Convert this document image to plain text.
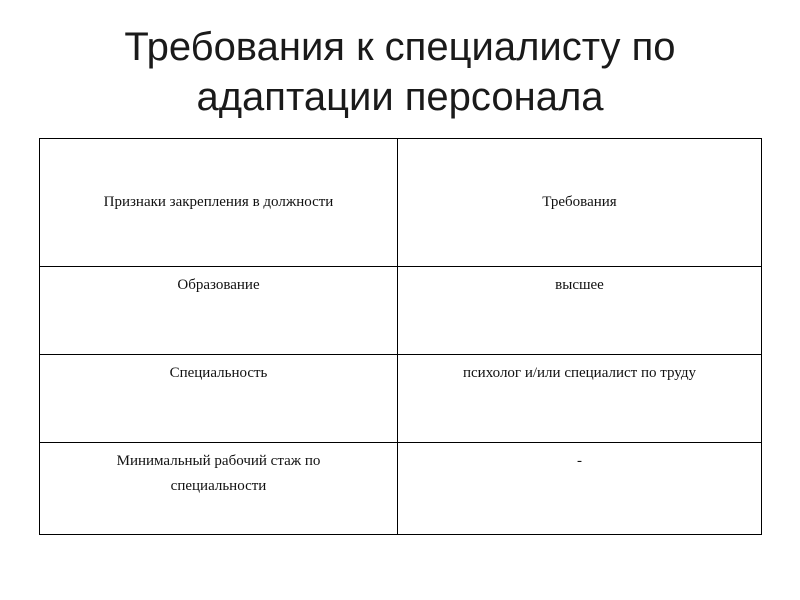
Требования к специалисту по
адаптации персонала
Признаки закрепления в должности	Требования
Образование	высшее
Специальность	психолог и/или специалист по труду
Минимальный рабочий стаж по специальности	-
